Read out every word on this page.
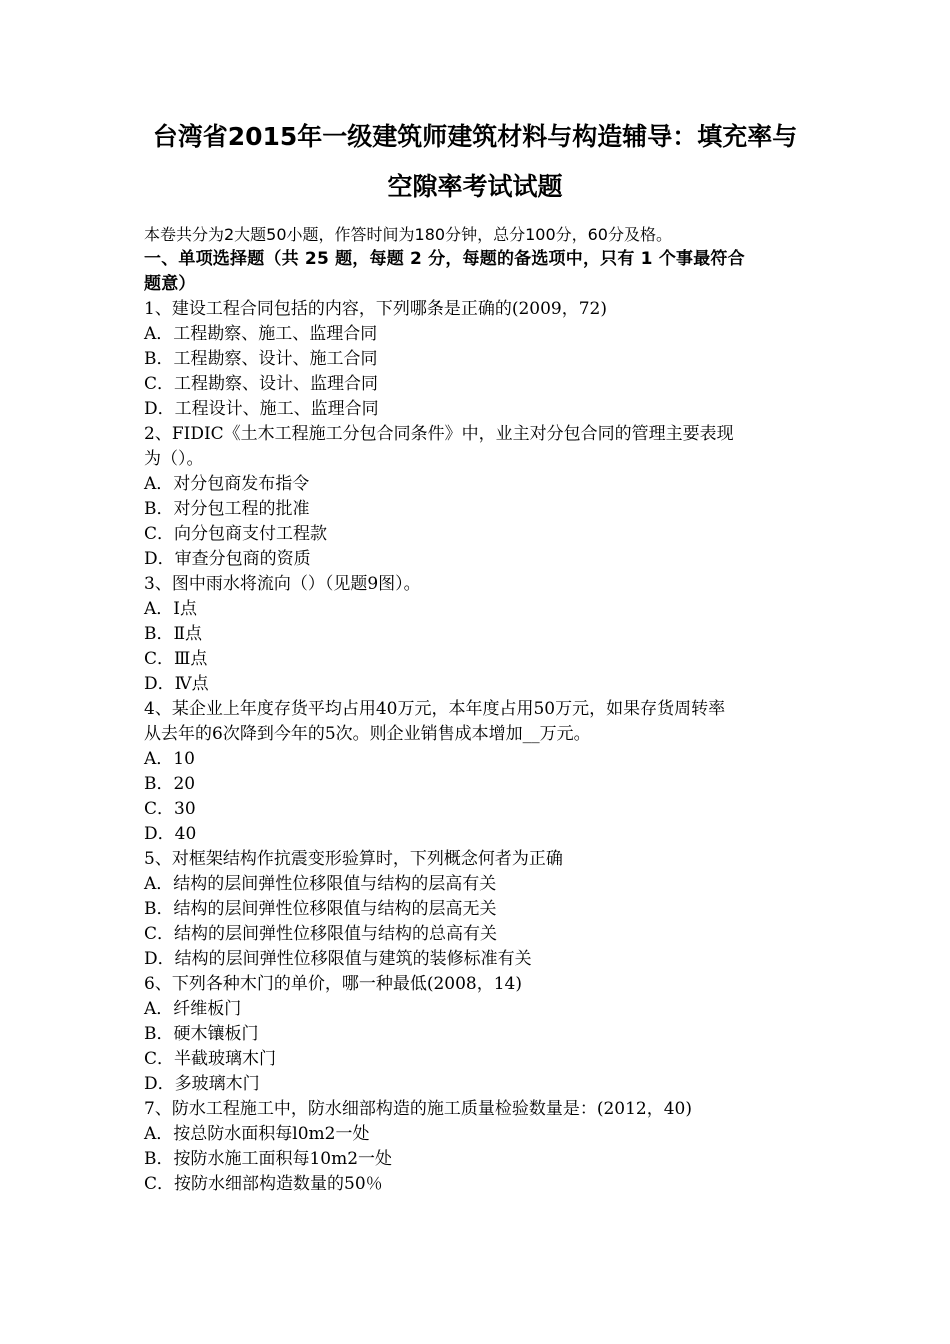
台湾省2015年一级建筑师建筑材料与构造辅导：填充率与
空隙率考试试题
本卷共分为2大题50小题，作答时间为180分钟，总分100分，60分及格。
一、单项选择题（共 25 题，每题 2 分，每题的备选项中，只有 1 个事最符合
题意）
1、建设工程合同包括的内容，下列哪条是正确的(2009，72)
A．工程勘察、施工、监理合同
B．工程勘察、设计、施工合同
C．工程勘察、设计、监理合同
D．工程设计、施工、监理合同
2、FIDIC《土木工程施工分包合同条件》中，业主对分包合同的管理主要表现
为（）。
A．对分包商发布指令
B．对分包工程的批准
C．向分包商支付工程款
D．审查分包商的资质
3、图中雨水将流向（）（见题9图）。
A．Ⅰ点
B．Ⅱ点
C．Ⅲ点
D．Ⅳ点
4、某企业上年度存货平均占用40万元，本年度占用50万元，如果存货周转率
从去年的6次降到今年的5次。则企业销售成本增加__万元。
A．10
B．20
C．30
D．40
5、对框架结构作抗震变形验算时，下列概念何者为正确
A．结构的层间弹性位移限值与结构的层高有关
B．结构的层间弹性位移限值与结构的层高无关
C．结构的层间弹性位移限值与结构的总高有关
D．结构的层间弹性位移限值与建筑的装修标准有关
6、下列各种木门的单价，哪一种最低(2008，14)
A．纤维板门
B．硬木镶板门
C．半截玻璃木门
D．多玻璃木门
7、防水工程施工中，防水细部构造的施工质量检验数量是：(2012，40)
A．按总防水面积每l0m2一处
B．按防水施工面积每10m2一处
C．按防水细部构造数量的50％
